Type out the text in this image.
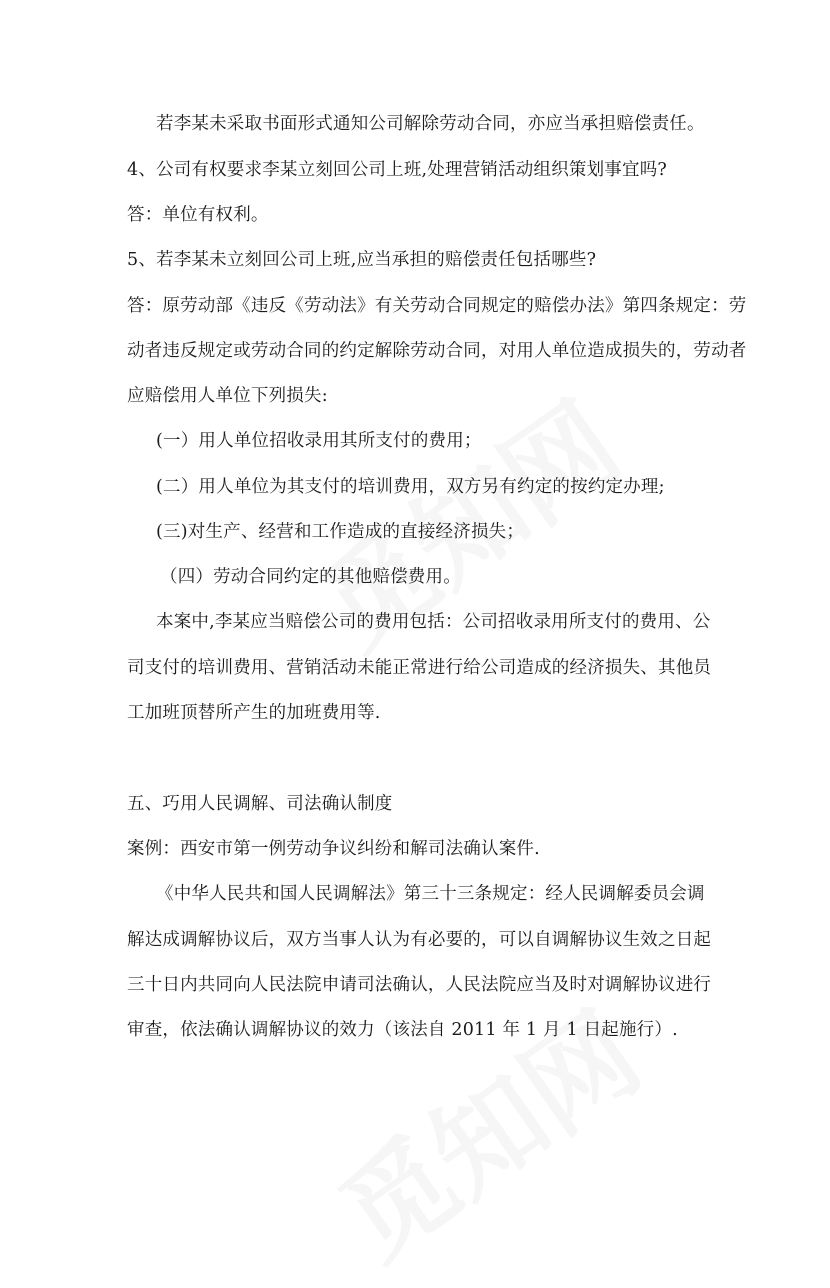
若李某未采取书面形式通知公司解除劳动合同，亦应当承担赔偿责任。
4、公司有权要求李某立刻回公司上班,处理营销活动组织策划事宜吗?
答：单位有权利。
5、若李某未立刻回公司上班,应当承担的赔偿责任包括哪些?
答：原劳动部《违反《劳动法》有关劳动合同规定的赔偿办法》第四条规定：劳
动者违反规定或劳动合同的约定解除劳动合同，对用人单位造成损失的，劳动者
应赔偿用人单位下列损失:
(一）用人单位招收录用其所支付的费用；
(二）用人单位为其支付的培训费用，双方另有约定的按约定办理;
(三)对生产、经营和工作造成的直接经济损失；
（四）劳动合同约定的其他赔偿费用。
本案中,李某应当赔偿公司的费用包括：公司招收录用所支付的费用、公
司支付的培训费用、营销活动未能正常进行给公司造成的经济损失、其他员
工加班顶替所产生的加班费用等.
五、巧用人民调解、司法确认制度
案例：西安市第一例劳动争议纠纷和解司法确认案件.
《中华人民共和国人民调解法》第三十三条规定：经人民调解委员会调
解达成调解协议后，双方当事人认为有必要的，可以自调解协议生效之日起
三十日内共同向人民法院申请司法确认，人民法院应当及时对调解协议进行
审查，依法确认调解协议的效力（该法自 2011 年 1 月 1 日起施行）.
